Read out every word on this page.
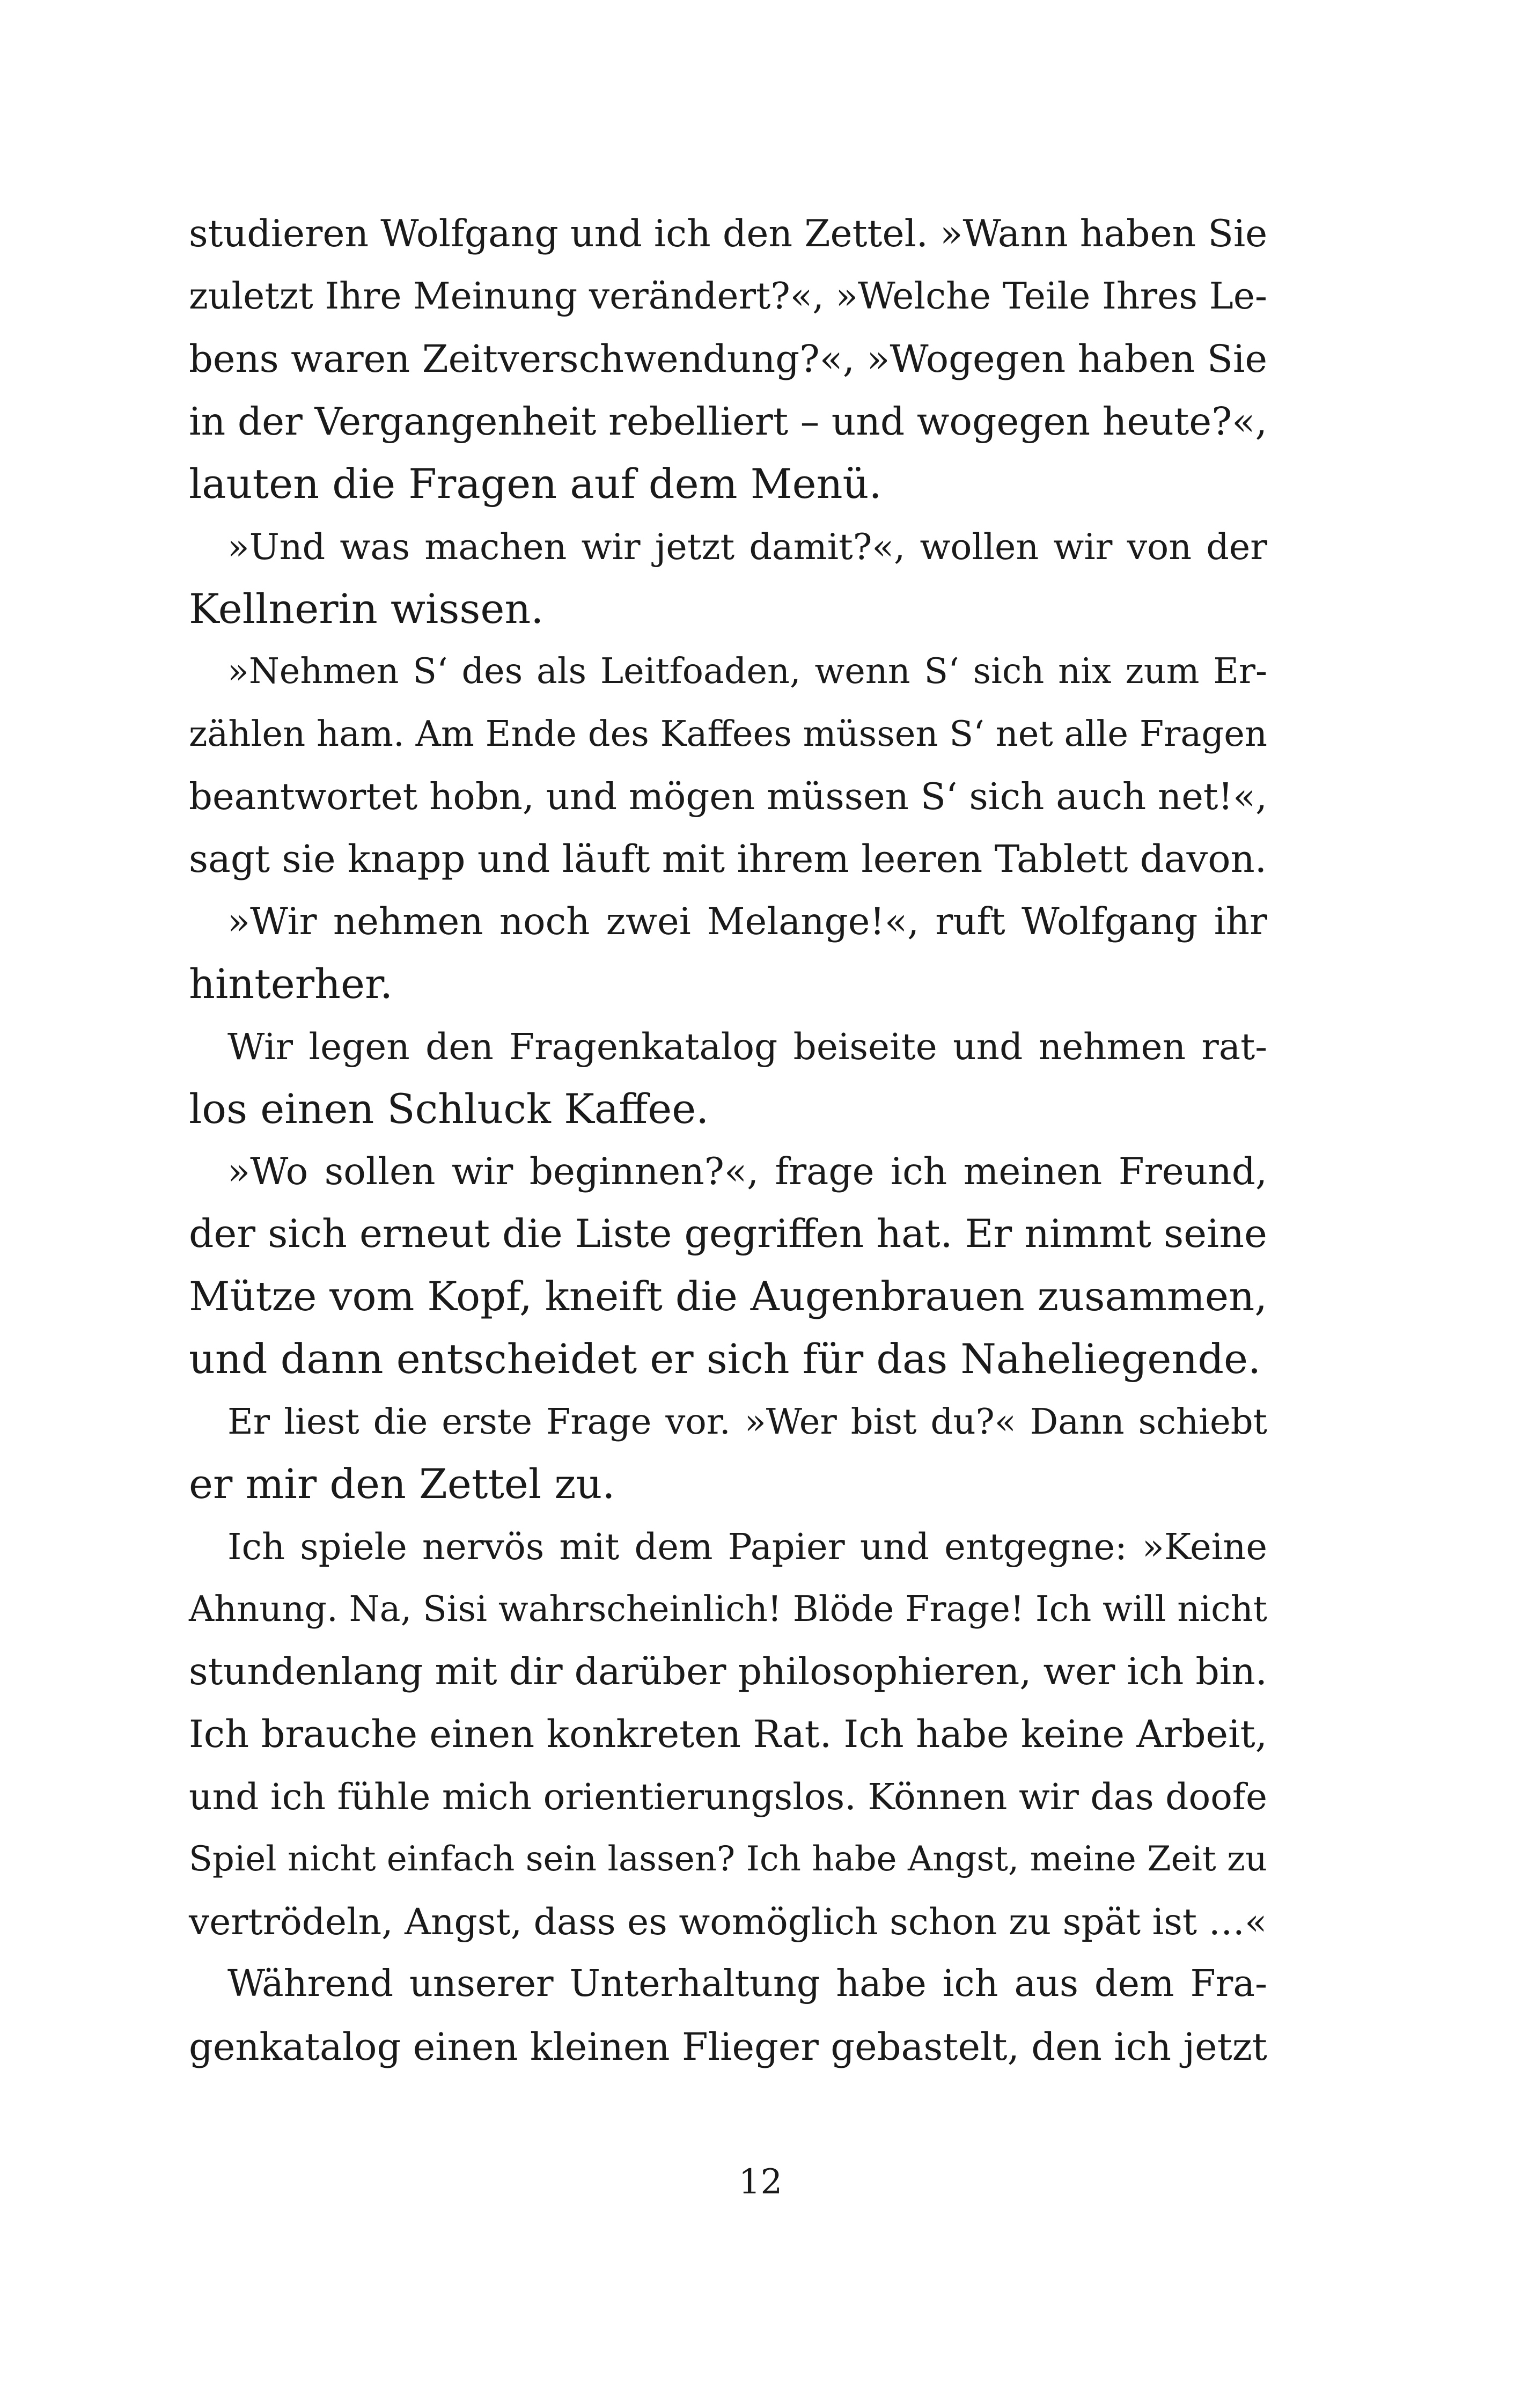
studieren Wolfgang und ich den Zettel. »Wann haben Sie
zuletzt Ihre Meinung verändert?«, »Welche Teile Ihres Le-
bens waren Zeitverschwendung?«, »Wogegen haben Sie
in der Vergangenheit rebelliert – und wogegen heute?«,
lauten die Fragen auf dem Menü.

»Und was machen wir jetzt damit?«, wollen wir von der
Kellnerin wissen.

»Nehmen S‘ des als Leitfoaden, wenn S‘ sich nix zum Er-
zählen ham. Am Ende des Kaffees müssen S‘ net alle Fragen
beantwortet hobn, und mögen müssen S‘ sich auch net!«,
sagt sie knapp und läuft mit ihrem leeren Tablett davon.

»Wir nehmen noch zwei Melange!«, ruft Wolfgang ihr
hinterher.

Wir legen den Fragenkatalog beiseite und nehmen rat-
los einen Schluck Kaffee.

»Wo sollen wir beginnen?«, frage ich meinen Freund,
der sich erneut die Liste gegriffen hat. Er nimmt seine
Mütze vom Kopf, kneift die Augenbrauen zusammen,
und dann entscheidet er sich für das Naheliegende.

Er liest die erste Frage vor. »Wer bist du?« Dann schiebt
er mir den Zettel zu.

Ich spiele nervös mit dem Papier und entgegne: »Keine
Ahnung. Na, Sisi wahrscheinlich! Blöde Frage! Ich will nicht
stundenlang mit dir darüber philosophieren, wer ich bin.
Ich brauche einen konkreten Rat. Ich habe keine Arbeit,
und ich fühle mich orientierungslos. Können wir das doofe
Spiel nicht einfach sein lassen? Ich habe Angst, meine Zeit zu
vertrödeln, Angst, dass es womöglich schon zu spät ist …«

Während unserer Unterhaltung habe ich aus dem Fra-
genkatalog einen kleinen Flieger gebastelt, den ich jetzt

12
